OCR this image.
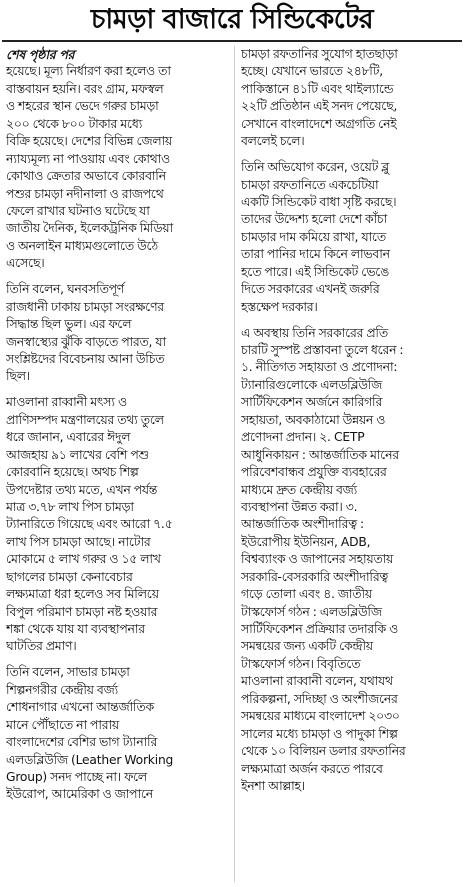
চামড়া বাজারে সিন্ডিকেটের
শেষ পৃষ্ঠার পর
হয়েছে। মূল্য নির্ধারণ করা হলেও তা
বাস্তবায়ন হয়নি। বরং গ্রাম, মফস্বল
ও শহরের স্থান ভেদে গরুর চামড়া
২০০ থেকে ৮০০ টাকার মধ্যে
বিক্রি হয়েছে। দেশের বিভিন্ন জেলায়
ন্যায্যমূল্য না পাওয়ায় এবং কোথাও
কোথাও ক্রেতার অভাবে কোরবানি
পশুর চামড়া নদীনালা ও রাজপথে
ফেলে রাখার ঘটনাও ঘটেছে যা
জাতীয় দৈনিক, ইলেকট্রনিক মিডিয়া
ও অনলাইন মাধ্যমগুলোতে উঠে
এসেছে।
তিনি বলেন, ঘনবসতিপূর্ণ
রাজধানী ঢাকায় চামড়া সংরক্ষণের
সিদ্ধান্ত ছিল ভুল। এর ফলে
জনস্বাস্থ্যের ঝুঁকি বাড়তে পারত, যা
সংশ্লিষ্টদের বিবেচনায় আনা উচিত
ছিল।
মাওলানা রাব্বানী মৎস্য ও
প্রাণিসম্পদ মন্ত্রণালয়ের তথ্য তুলে
ধরে জানান, এবারের ঈদুল
আজহায় ৯১ লাখের বেশি পশু
কোরবানি হয়েছে। অথচ শিল্প
উপদেষ্টার তথ্য মতে, এখন পর্যন্ত
মাত্র ৩.৭৮ লাখ পিস চামড়া
ট্যানারিতে গিয়েছে এবং আরো ৭.৫
লাখ পিস চামড়া আছে। নাটোর
মোকামে ৫ লাখ গরুর ও ১৫ লাখ
ছাগলের চামড়া কেনাবেচার
লক্ষ্যমাত্রা ধরা হলেও সব মিলিয়ে
বিপুল পরিমাণ চামড়া নষ্ট হওয়ার
শঙ্কা থেকে যায় যা ব্যবস্থাপনার
ঘাটতির প্রমাণ।
তিনি বলেন, সাভার চামড়া
শিল্পনগরীর কেন্দ্রীয় বর্জ্য
শোধনাগার এখনো আন্তর্জাতিক
মানে পৌঁছাতে না পারায়
বাংলাদেশের বেশির ভাগ ট্যানারি
এলডব্লিউজি (Leather Working
Group) সনদ পাচ্ছে না। ফলে
ইউরোপ, আমেরিকা ও জাপানে
চামড়া রফতানির সুযোগ হাতছাড়া
হচ্ছে। যেখানে ভারতে ২৪৮টি,
পাকিস্তানে ৪১টি এবং থাইল্যান্ডে
২২টি প্রতিষ্ঠান এই সনদ পেয়েছে,
সেখানে বাংলাদেশে অগ্রগতি নেই
বললেই চলে।
তিনি অভিযোগ করেন, ওয়েট ব্লু
চামড়া রফতানিতে একচেটিয়া
একটি সিন্ডিকেট বাধা সৃষ্টি করছে।
তাদের উদ্দেশ্য হলো দেশে কাঁচা
চামড়ার দাম কমিয়ে রাখা, যাতে
তারা পানির দামে কিনে লাভবান
হতে পারে। এই সিন্ডিকেট ভেঙে
দিতে সরকারের এখনই জরুরি
হস্তক্ষেপ দরকার।
এ অবস্থায় তিনি সরকারের প্রতি
চারটি সুস্পষ্ট প্রস্তাবনা তুলে ধরেন :
১. নীতিগত সহায়তা ও প্রণোদনা:
ট্যানারিগুলোকে এলডব্লিউজি
সার্টিফিকেশন অর্জনে কারিগরি
সহায়তা, অবকাঠামো উন্নয়ন ও
প্রণোদনা প্রদান। ২. CETP
আধুনিকায়ন : আন্তর্জাতিক মানের
পরিবেশবান্ধব প্রযুক্তি ব্যবহারের
মাধ্যমে দ্রুত কেন্দ্রীয় বর্জ্য
ব্যবস্থাপনা উন্নত করা। ৩.
আন্তর্জাতিক অংশীদারিত্ব :
ইউরোপীয় ইউনিয়ন, ADB,
বিশ্বব্যাংক ও জাপানের সহায়তায়
সরকারি-বেসরকারি অংশীদারিত্ব
গড়ে তোলা এবং ৪. জাতীয়
টাস্কফোর্স গঠন : এলডব্লিউজি
সার্টিফিকেশন প্রক্রিয়ার তদারকি ও
সমন্বয়ের জন্য একটি কেন্দ্রীয়
টাস্কফোর্স গঠন। বিবৃতিতে
মাওলানা রাব্বানী বলেন, যথাযথ
পরিকল্পনা, সদিচ্ছা ও অংশীজনের
সমন্বয়ের মাধ্যমে বাংলাদেশ ২০৩০
সালের মধ্যে চামড়া ও পাদুকা শিল্প
থেকে ১০ বিলিয়ন ডলার রফতানির
লক্ষ্যমাত্রা অর্জন করতে পারবে
ইনশা আল্লাহ।
